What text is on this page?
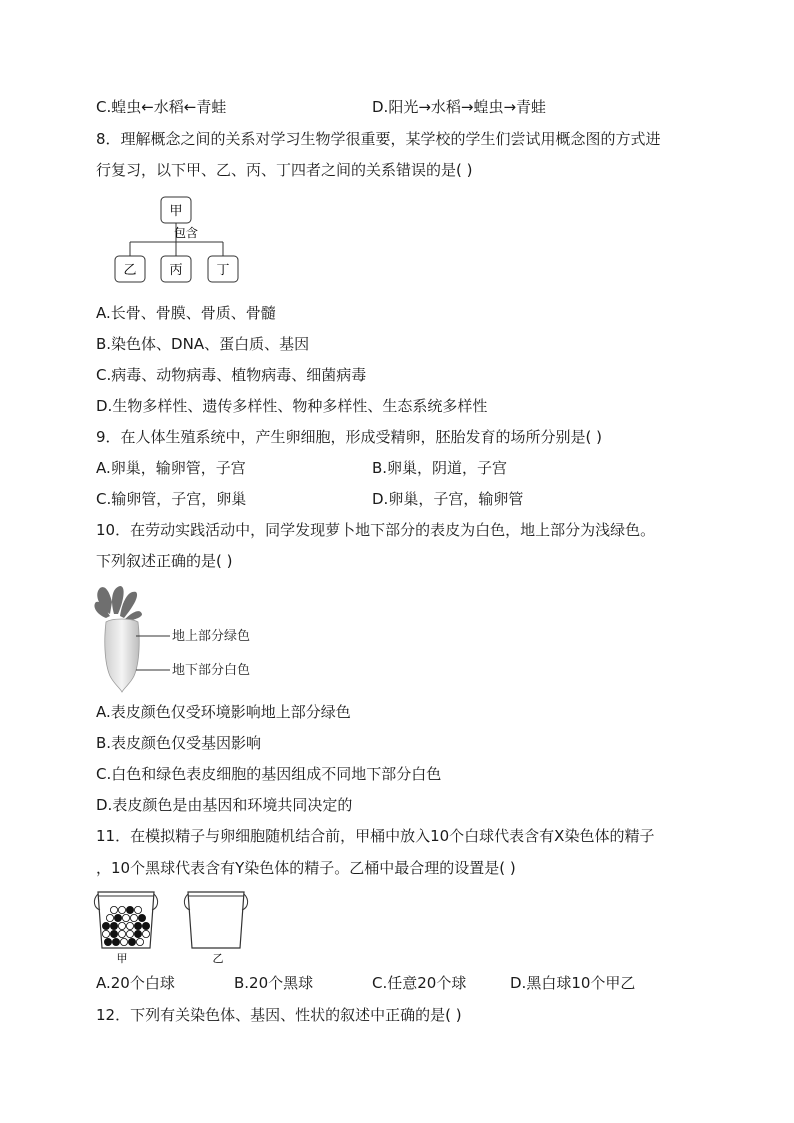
C.蝗虫←水稻←青蛙	D.阳光→水稻→蝗虫→青蛙
8．理解概念之间的关系对学习生物学很重要，某学校的学生们尝试用概念图的方式进
行复习，以下甲、乙、丙、丁四者之间的关系错误的是( )
甲
包含
乙	丙	丁
A.长骨、骨膜、骨质、骨髓
B.染色体、DNA、蛋白质、基因
C.病毒、动物病毒、植物病毒、细菌病毒
D.生物多样性、遗传多样性、物种多样性、生态系统多样性
9．在人体生殖系统中，产生卵细胞，形成受精卵，胚胎发育的场所分别是( )
A.卵巢，输卵管，子宫	B.卵巢，阴道，子宫
C.输卵管，子宫，卵巢	D.卵巢，子宫，输卵管
10．在劳动实践活动中，同学发现萝卜地下部分的表皮为白色，地上部分为浅绿色。
下列叙述正确的是( )
地上部分绿色
地下部分白色
A.表皮颜色仅受环境影响地上部分绿色
B.表皮颜色仅受基因影响
C.白色和绿色表皮细胞的基因组成不同地下部分白色
D.表皮颜色是由基因和环境共同决定的
11．在模拟精子与卵细胞随机结合前，甲桶中放入10个白球代表含有X染色体的精子
，10个黑球代表含有Y染色体的精子。乙桶中最合理的设置是( )
甲	乙
A.20个白球	B.20个黑球	C.任意20个球	D.黑白球10个甲乙
12．下列有关染色体、基因、性状的叙述中正确的是( )
